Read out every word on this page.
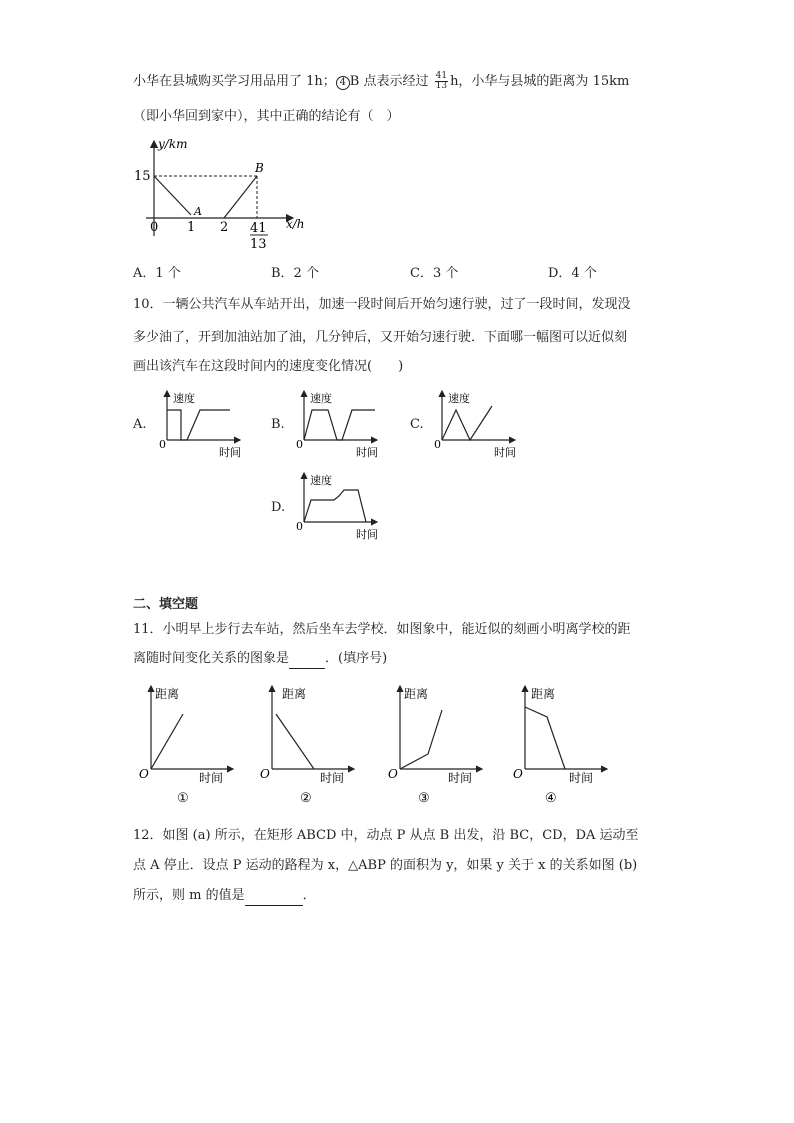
小华在县城购买学习用品用了 1h； 4 B 点表示经过 $\frac{41}{13}$ h，小华与县城的距离为 15km
（即小华回到家中），其中正确的结论有（　）
y/km
x/h
15
0 1 2 41
13
A
B
A．1 个	B．2 个	C．3 个	D．4 个
10．一辆公共汽车从车站开出，加速一段时间后开始匀速行驶，过了一段时间，发现没
多少油了，开到加油站加了油，几分钟后，又开始匀速行驶．下面哪一幅图可以近似刻
画出该汽车在这段时间内的速度变化情况(　　)
A.
速度
时间
0
B.
速度
时间
0
C.
速度
时间
0
D.
速度
时间
0
二、填空题
11．小明早上步行去车站，然后坐车去学校．如图象中，能近似的刻画小明离学校的距
离随时间变化关系的图象是	．(填序号)
距离
时间
O
①
距离
时间
O
②
距离
时间
O
③
距离
时间
O
④
12．如图 (a) 所示，在矩形 ABCD 中，动点 P 从点 B 出发，沿 BC，CD，DA 运动至
点 A 停止．设点 P 运动的路程为 x，△ABP 的面积为 y，如果 y 关于 x 的关系如图 (b)
所示，则 m 的值是	．
